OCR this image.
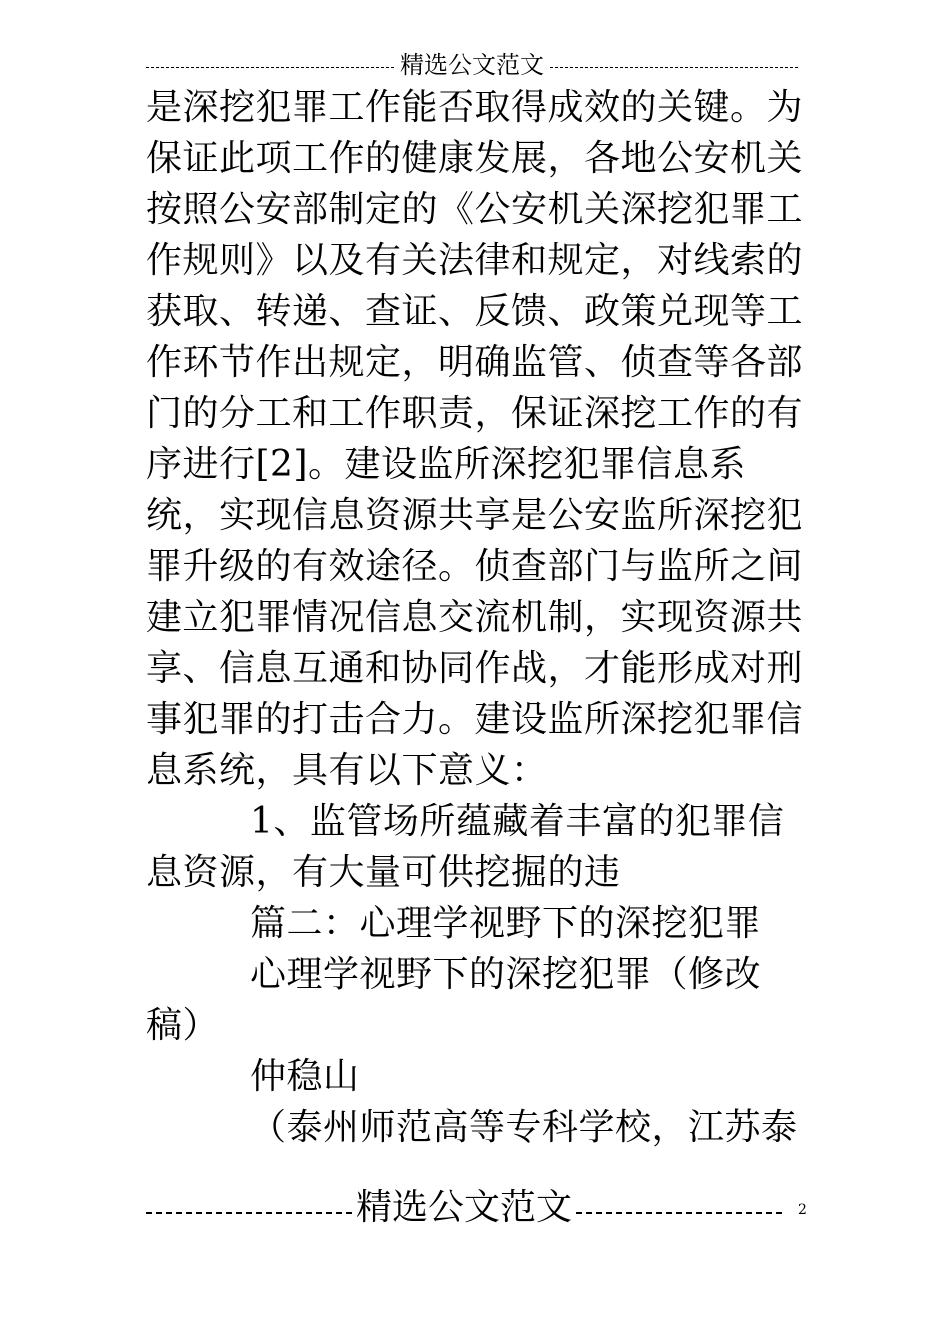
精选公文范文

是深挖犯罪工作能否取得成效的关键。为保证此项工作的健康发展，各地公安机关按照公安部制定的《公安机关深挖犯罪工作规则》以及有关法律和规定，对线索的获取、转递、查证、反馈、政策兑现等工作环节作出规定，明确监管、侦查等各部门的分工和工作职责，保证深挖工作的有序进行[2]。建设监所深挖犯罪信息系统，实现信息资源共享是公安监所深挖犯罪升级的有效途径。侦查部门与监所之间建立犯罪情况信息交流机制，实现资源共享、信息互通和协同作战，才能形成对刑事犯罪的打击合力。建设监所深挖犯罪信息系统，具有以下意义：

1、监管场所蕴藏着丰富的犯罪信息资源，有大量可供挖掘的违

篇二：心理学视野下的深挖犯罪

心理学视野下的深挖犯罪（修改稿）

仲稳山

（泰州师范高等专科学校，江苏泰

精选公文范文	2
